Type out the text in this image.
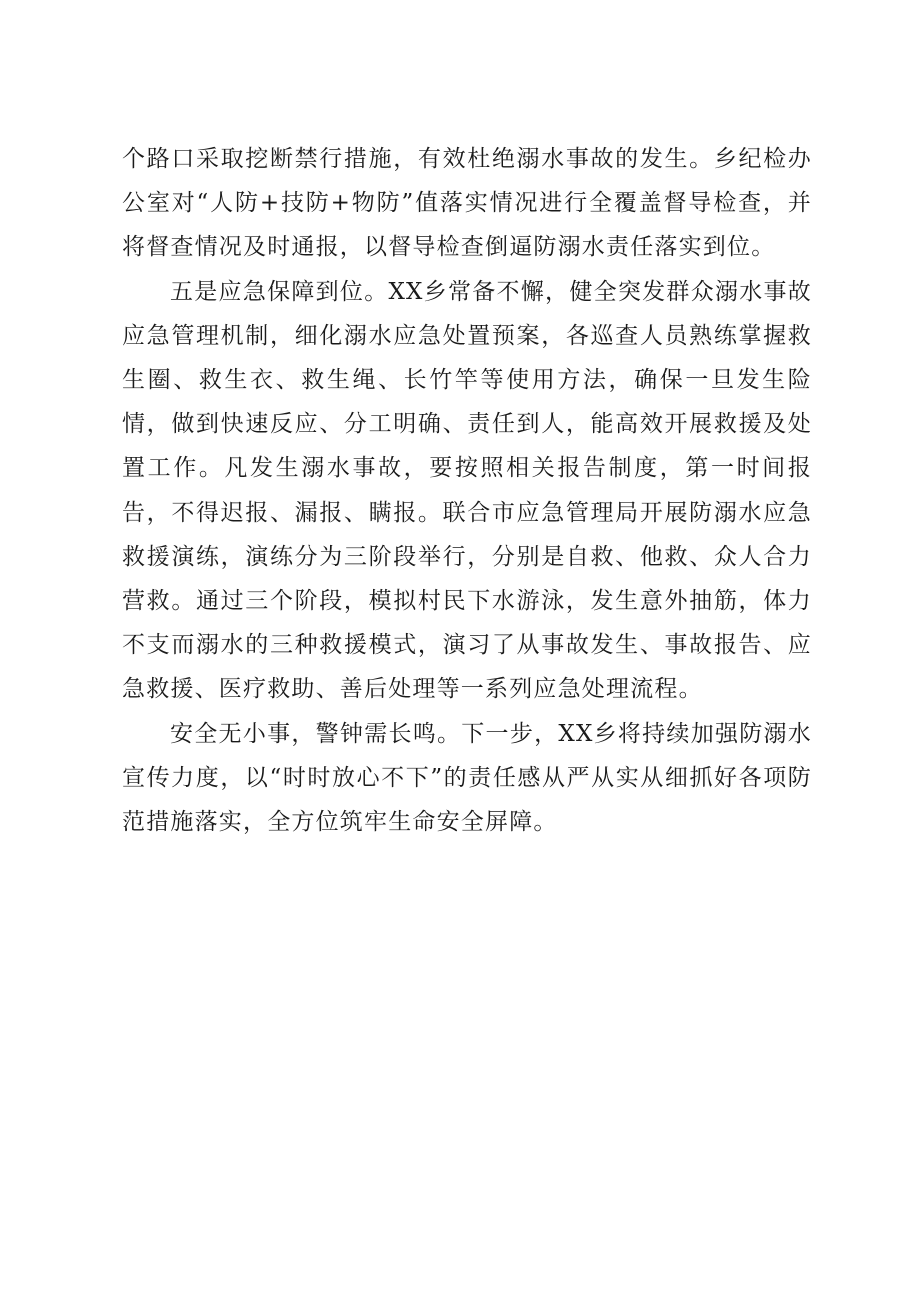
个路口采取挖断禁行措施，有效杜绝溺水事故的发生。乡纪检办公室对“人防+技防+物防”值落实情况进行全覆盖督导检查，并将督查情况及时通报，以督导检查倒逼防溺水责任落实到位。

五是应急保障到位。XX乡常备不懈，健全突发群众溺水事故应急管理机制，细化溺水应急处置预案，各巡查人员熟练掌握救生圈、救生衣、救生绳、长竹竿等使用方法，确保一旦发生险情，做到快速反应、分工明确、责任到人，能高效开展救援及处置工作。凡发生溺水事故，要按照相关报告制度，第一时间报告，不得迟报、漏报、瞒报。联合市应急管理局开展防溺水应急救援演练，演练分为三阶段举行，分别是自救、他救、众人合力营救。通过三个阶段，模拟村民下水游泳，发生意外抽筋，体力不支而溺水的三种救援模式，演习了从事故发生、事故报告、应急救援、医疗救助、善后处理等一系列应急处理流程。

安全无小事，警钟需长鸣。下一步，XX乡将持续加强防溺水宣传力度，以“时时放心不下”的责任感从严从实从细抓好各项防范措施落实，全方位筑牢生命安全屏障。
